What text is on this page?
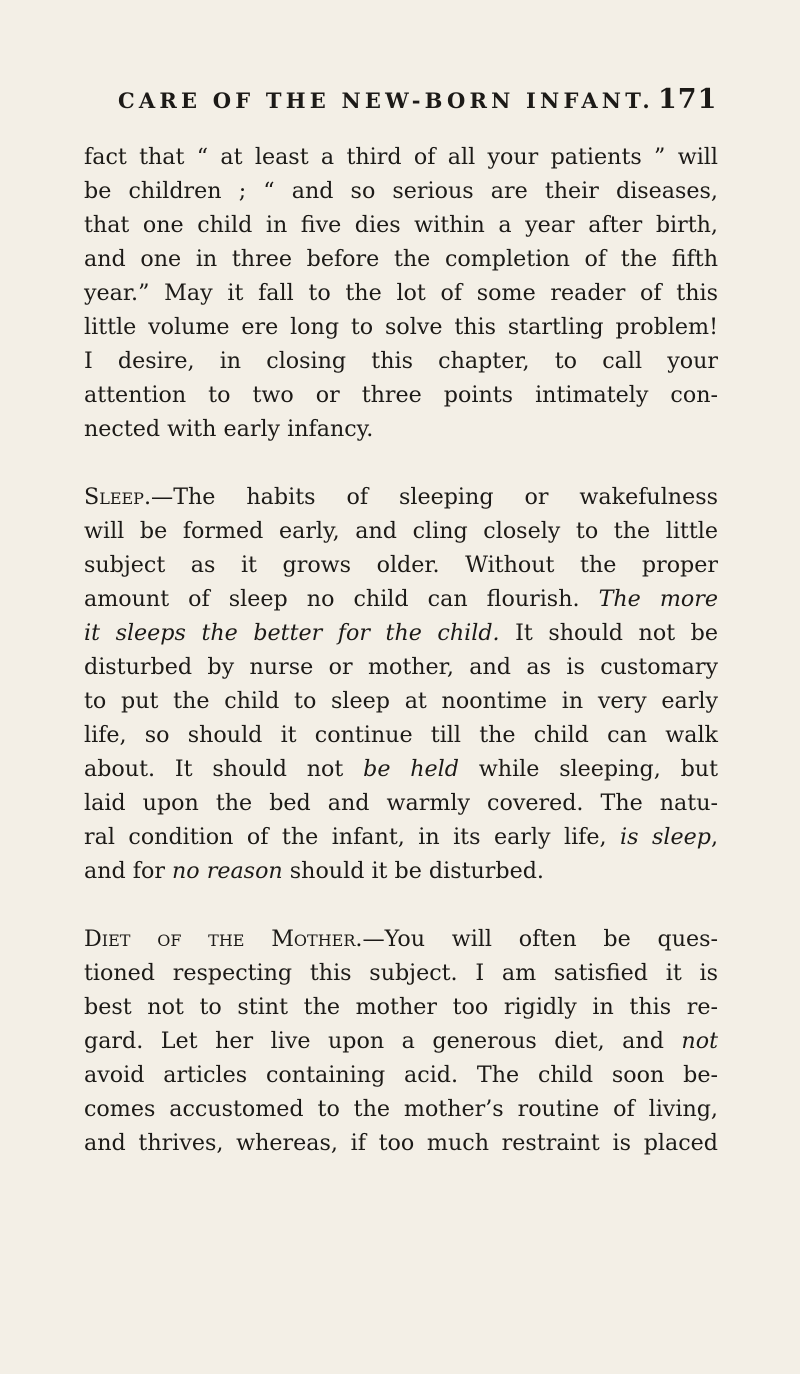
CARE OF THE NEW-BORN INFANT. 171
fact that “ at least a third of all your patients ” will
be children ; “ and so serious are their diseases,
that one child in five dies within a year after birth,
and one in three before the completion of the fifth
year.” May it fall to the lot of some reader of this
little volume ere long to solve this startling problem!
I desire, in closing this chapter, to call your
attention to two or three points intimately con-
nected with early infancy.
Sleep.—The habits of sleeping or wakefulness
will be formed early, and cling closely to the little
subject as it grows older. Without the proper
amount of sleep no child can flourish. The more
it sleeps the better for the child. It should not be
disturbed by nurse or mother, and as is customary
to put the child to sleep at noontime in very early
life, so should it continue till the child can walk
about. It should not be held while sleeping, but
laid upon the bed and warmly covered. The natu-
ral condition of the infant, in its early life, is sleep,
and for no reason should it be disturbed.
Diet of the Mother.—You will often be ques-
tioned respecting this subject. I am satisfied it is
best not to stint the mother too rigidly in this re-
gard. Let her live upon a generous diet, and not
avoid articles containing acid. The child soon be-
comes accustomed to the mother’s routine of living,
and thrives, whereas, if too much restraint is placed
